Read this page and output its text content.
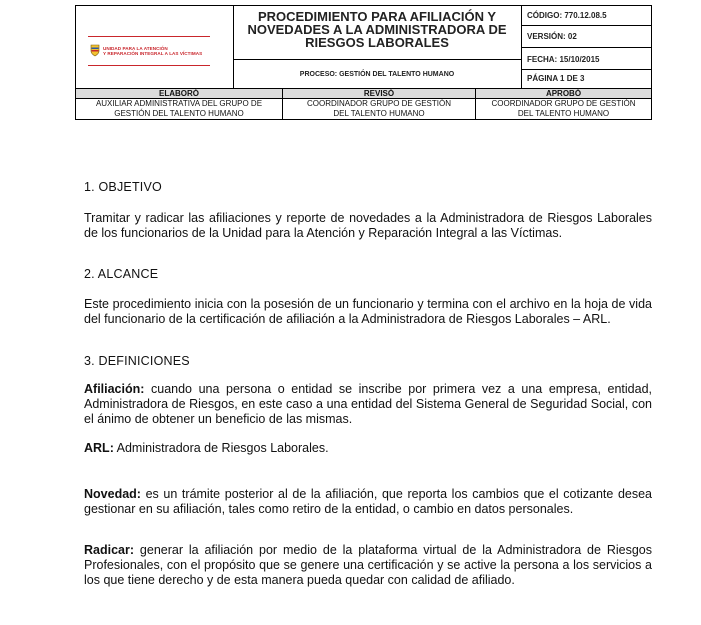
UNIDAD PARA LA ATENCIÓN
Y REPARACIÓN INTEGRAL A LAS VÍCTIMAS
PROCEDIMIENTO PARA AFILIACIÓN Y
NOVEDADES A LA ADMINISTRADORA DE
RIESGOS LABORALES
PROCESO: GESTIÓN DEL TALENTO HUMANO
CÓDIGO: 770.12.08.5
VERSIÓN: 02
FECHA: 15/10/2015
PÁGINA 1 DE 3
ELABORÓ	REVISÓ	APROBÓ
AUXILIAR ADMINISTRATIVA DEL GRUPO DE
GESTIÓN DEL TALENTO HUMANO
COORDINADOR GRUPO DE GESTIÓN
DEL TALENTO HUMANO
COORDINADOR GRUPO DE GESTIÓN
DEL TALENTO HUMANO
1. OBJETIVO
Tramitar y radicar las afiliaciones y reporte de novedades a la Administradora de Riesgos Laborales de los funcionarios de la Unidad para la Atención y Reparación Integral a las Víctimas.
2. ALCANCE
Este procedimiento inicia con la posesión de un funcionario y termina con el archivo en la hoja de vida del funcionario de la certificación de afiliación a la Administradora de Riesgos Laborales – ARL.
3. DEFINICIONES
Afiliación: cuando una persona o entidad se inscribe por primera vez a una empresa, entidad, Administradora de Riesgos, en este caso a una entidad del Sistema General de Seguridad Social, con el ánimo de obtener un beneficio de las mismas.
ARL: Administradora de Riesgos Laborales.
Novedad: es un trámite posterior al de la afiliación, que reporta los cambios que el cotizante desea gestionar en su afiliación, tales como retiro de la entidad, o cambio en datos personales.
Radicar: generar la afiliación por medio de la plataforma virtual de la Administradora de Riesgos Profesionales, con el propósito que se genere una certificación y se active la persona a los servicios a los que tiene derecho y de esta manera pueda quedar con calidad de afiliado.
